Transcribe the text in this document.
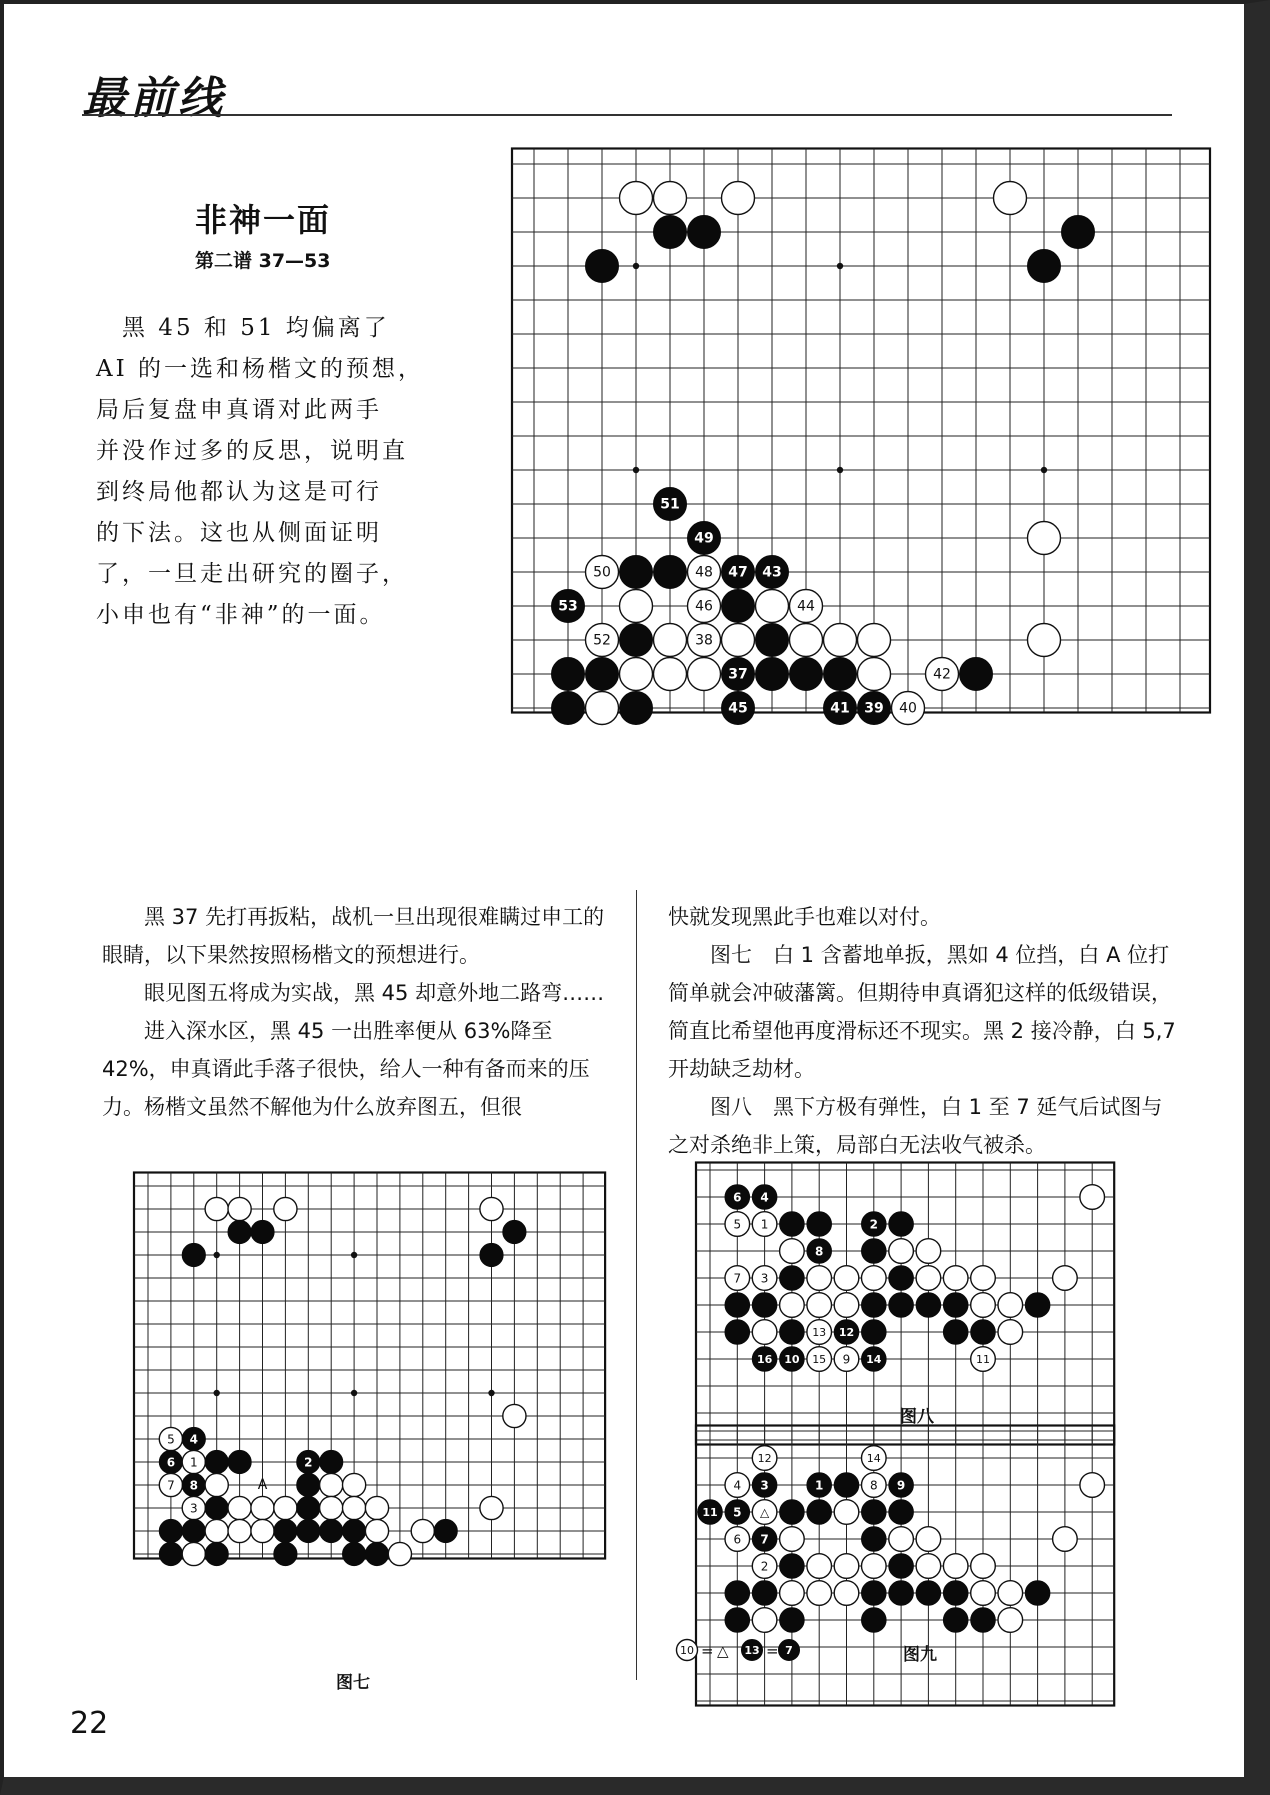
最前线
非神一面
第二谱 37—53
　黑 45 和 51 均偏离了
AI 的一选和杨楷文的预想，
局后复盘申真谞对此两手
并没作过多的反思，说明直
到终局他都认为这是可行
的下法。这也从侧面证明
了，一旦走出研究的圈子，
小申也有“非神”的一面。
51
49
50	48 47 43
53	46	44
52	38
37	42
45	41 39 40

黑 37 先打再扳粘，战机一旦出现很难瞒过申工的眼睛，以下果然按照杨楷文的预想进行。

眼见图五将成为实战，黑 45 却意外地二路弯……

进入深水区，黑 45 一出胜率便从 63%降至 42%，申真谞此手落子很快，给人一种有备而来的压力。杨楷文虽然不解他为什么放弃图五，但很

快就发现黑此手也难以对付。

图七　白 1 含蓄地单扳，黑如 4 位挡，白 A 位打简单就会冲破藩篱。但期待申真谞犯这样的低级错误，简直比希望他再度滑标还不现实。黑 2 接冷静，白 5,7 开劫缺乏劫材。

图八　黑下方极有弹性，白 1 至 7 延气后试图与之对杀绝非上策，局部白无法收气被杀。

A
5 4
6 1	2
7 8
3
图七
6 4
5 1	2
8
7 3
13 12
16 10 15 9 14	11
图八
12	14
4 3	1	8 9
11 5 △
6 7
2
图九
10 = △ 13 = 7
22
